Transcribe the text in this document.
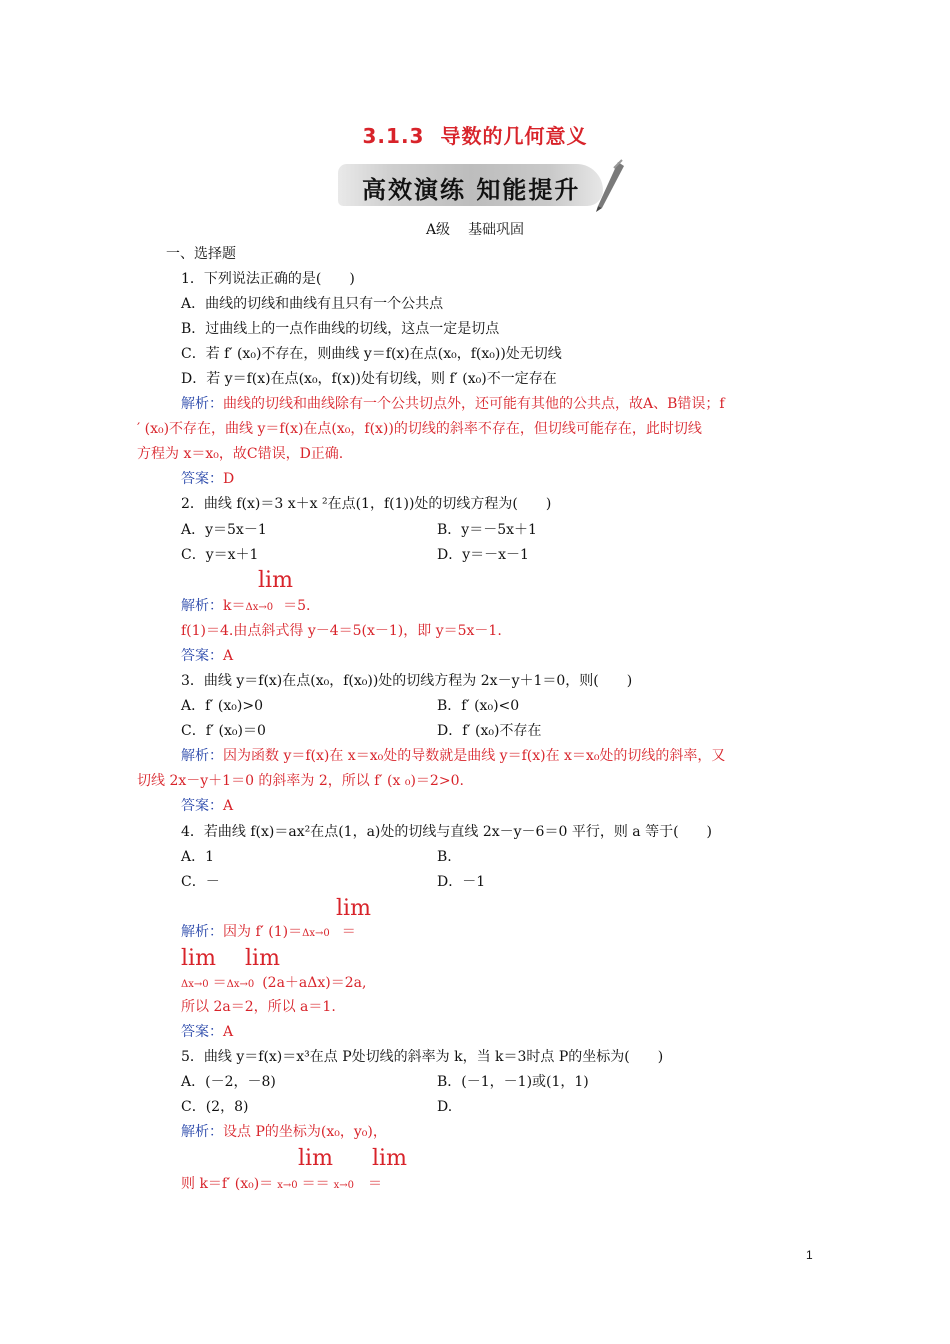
3.1.3 导数的几何意义
高效演练 知能提升
A级 基础巩固
一、选择题
1．下列说法正确的是(　　)
A．曲线的切线和曲线有且只有一个公共点
B．过曲线上的一点作曲线的切线，这点一定是切点
C．若 f′ (x₀)不存在，则曲线 y＝f(x)在点(x₀，f(x₀))处无切线
D．若 y＝f(x)在点(x₀，f(x))处有切线，则 f′ (x₀)不一定存在
解析：曲线的切线和曲线除有一个公共切点外，还可能有其他的公共点，故A、B错误；f
′ (x₀)不存在，曲线 y＝f(x)在点(x₀，f(x))的切线的斜率不存在，但切线可能存在，此时切线
方程为 x＝x₀，故C错误，D正确.
答案：D
2．曲线 f(x)＝3 x＋x ²在点(1，f(1))处的切线方程为(　　)
A．y＝5x－1	B．y＝－5x＋1
C．y＝x＋1	D．y＝－x－1
lim
解析：k＝Δx→0 ＝5.
f(1)＝4.由点斜式得 y－4＝5(x－1)，即 y＝5x－1.
答案：A
3．曲线 y＝f(x)在点(x₀，f(x₀))处的切线方程为 2x－y＋1＝0，则(　　)
A．f′ (x₀)>0	B．f′ (x₀)<0
C．f′ (x₀)＝0	D．f′ (x₀)不存在
解析：因为函数 y＝f(x)在 x＝x₀处的导数就是曲线 y＝f(x)在 x＝x₀处的切线的斜率，又
切线 2x－y＋1＝0 的斜率为 2，所以 f′ (x ₀)＝2>0.
答案：A
4．若曲线 f(x)＝ax²在点(1，a)处的切线与直线 2x－y－6＝0 平行，则 a 等于(　　)
A．1	B.
C．－	D．－1
lim
解析：因为 f′ (1)＝Δx→0 ＝
lim lim
Δx→0 ＝Δx→0 (2a＋aΔx)＝2a,
所以 2a＝2，所以 a＝1.
答案：A
5．曲线 y＝f(x)＝x³在点 P处切线的斜率为 k，当 k＝3时点 P的坐标为(　　)
A．(－2，－8)	B．(－1，－1)或(1，1)
C．(2，8)	D.
解析：设点 P的坐标为(x₀，y₀)，
lim lim
则 k＝f′ (x₀)＝ x→0 ＝＝ x→0 ＝
1
